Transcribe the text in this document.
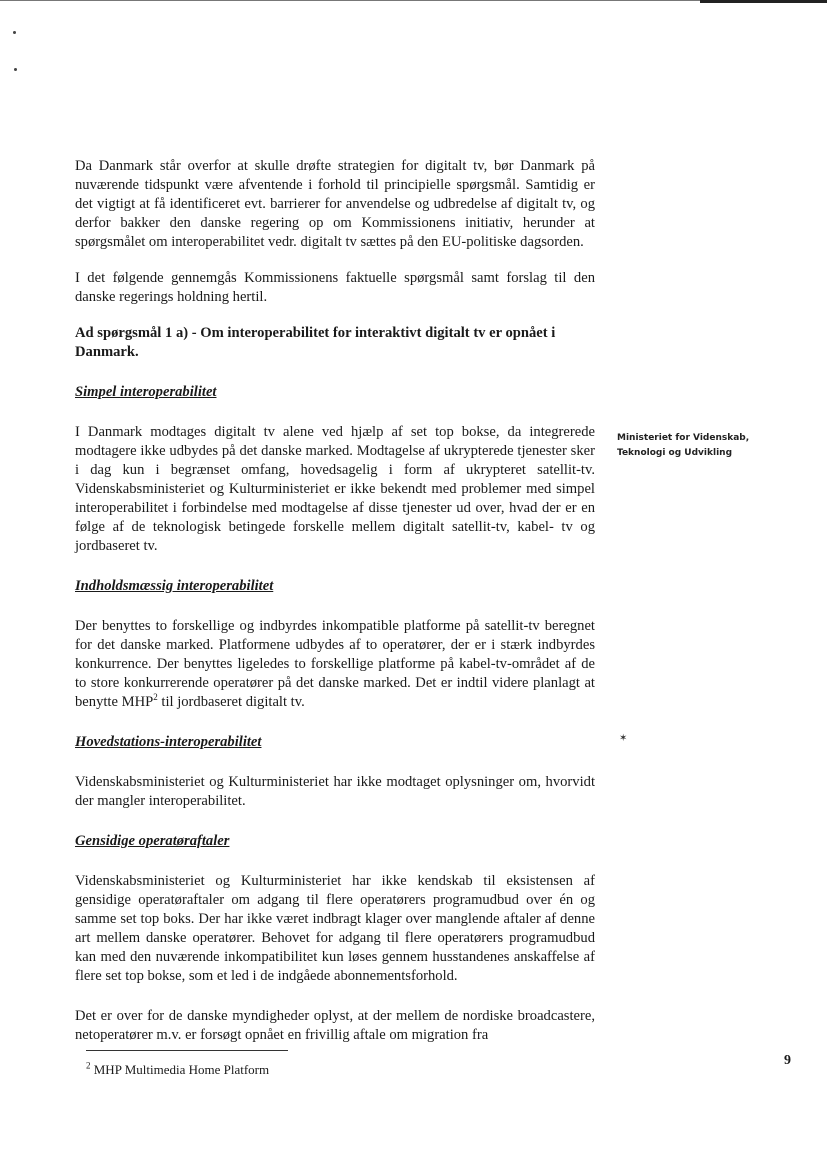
Da Danmark står overfor at skulle drøfte strategien for digitalt tv, bør Danmark på nuværende tidspunkt være afventende i forhold til principielle spørgsmål. Samtidig er det vigtigt at få identificeret evt. barrierer for anvendelse og udbredelse af digitalt tv, og derfor bakker den danske regering op om Kommissionens initiativ, herunder at spørgsmålet om interoperabilitet vedr. digitalt tv sættes på den EU-politiske dagsorden.

I det følgende gennemgås Kommissionens faktuelle spørgsmål samt forslag til den danske regerings holdning hertil.

Ad spørgsmål 1 a) - Om interoperabilitet for interaktivt digitalt tv er opnået i Danmark.
Simpel interoperabilitet

I Danmark modtages digitalt tv alene ved hjælp af set top bokse, da integrerede modtagere ikke udbydes på det danske marked. Modtagelse af ukrypterede tjenester sker i dag kun i begrænset omfang, hovedsagelig i form af ukrypteret satellit-tv. Videnskabsministeriet og Kulturministeriet er ikke bekendt med problemer med simpel interoperabilitet i forbindelse med modtagelse af disse tjenester ud over, hvad der er en følge af de teknologisk betingede forskelle mellem digitalt satellit-tv, kabel- tv og jordbaseret tv.

Indholdsmæssig interoperabilitet

Der benyttes to forskellige og indbyrdes inkompatible platforme på satellit-tv beregnet for det danske marked. Platformene udbydes af to operatører, der er i stærk indbyrdes konkurrence. Der benyttes ligeledes to forskellige platforme på kabel-tv-området af de to store konkurrerende operatører på det danske marked. Det er indtil videre planlagt at benytte MHP$^2$ til jordbaseret digitalt tv.

Hovedstations-interoperabilitet

Videnskabsministeriet og Kulturministeriet har ikke modtaget oplysninger om, hvorvidt der mangler interoperabilitet.

Gensidige operatøraftaler

Videnskabsministeriet og Kulturministeriet har ikke kendskab til eksistensen af gensidige operatøraftaler om adgang til flere operatørers programudbud over én og samme set top boks. Der har ikke været indbragt klager over manglende aftaler af denne art mellem danske operatører. Behovet for adgang til flere operatørers programudbud kan med den nuværende inkompatibilitet kun løses gennem husstandenes anskaffelse af flere set top bokse, som et led i de indgåede abonnementsforhold.

Det er over for de danske myndigheder oplyst, at der mellem de nordiske broadcastere, netoperatører m.v. er forsøgt opnået en frivillig aftale om migration fra

Ministeriet for Videnskab,
Teknologi og Udvikling
✶
$^2$ MHP Multimedia Home Platform
9
